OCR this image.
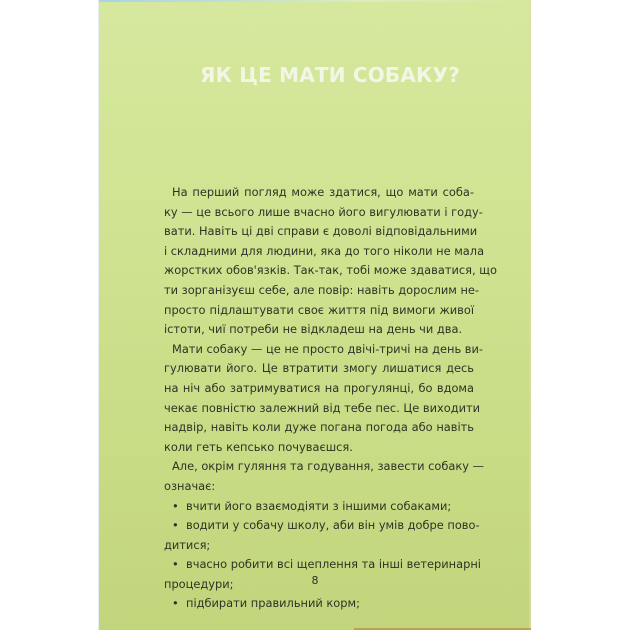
ЯК ЦЕ МАТИ СОБАКУ?
На перший погляд може здатися, що мати соба-
ку — це всього лише вчасно його вигулювати і году-
вати. Навіть ці дві справи є доволі відповідальними
і складними для людини, яка до того ніколи не мала
жорстких обов'язків. Так-так, тобі може здаватися, що
ти зорганізуєш себе, але повір: навіть дорослим не-
просто підлаштувати своє життя під вимоги живої
істоти, чиї потреби не відкладеш на день чи два.
Мати собаку — це не просто двічі-тричі на день ви-
гулювати його. Це втратити змогу лишатися десь
на ніч або затримуватися на прогулянці, бо вдома
чекає повністю залежний від тебе пес. Це виходити
надвір, навіть коли дуже погана погода або навіть
коли геть кепсько почуваєшся.
Але, окрім гуляння та годування, завести собаку —
означає:
• вчити його взаємодіяти з іншими собаками;
• водити у собачу школу, аби він умів добре пово-
дитися;
• вчасно робити всі щеплення та інші ветеринарні
процедури;
• підбирати правильний корм;
8
